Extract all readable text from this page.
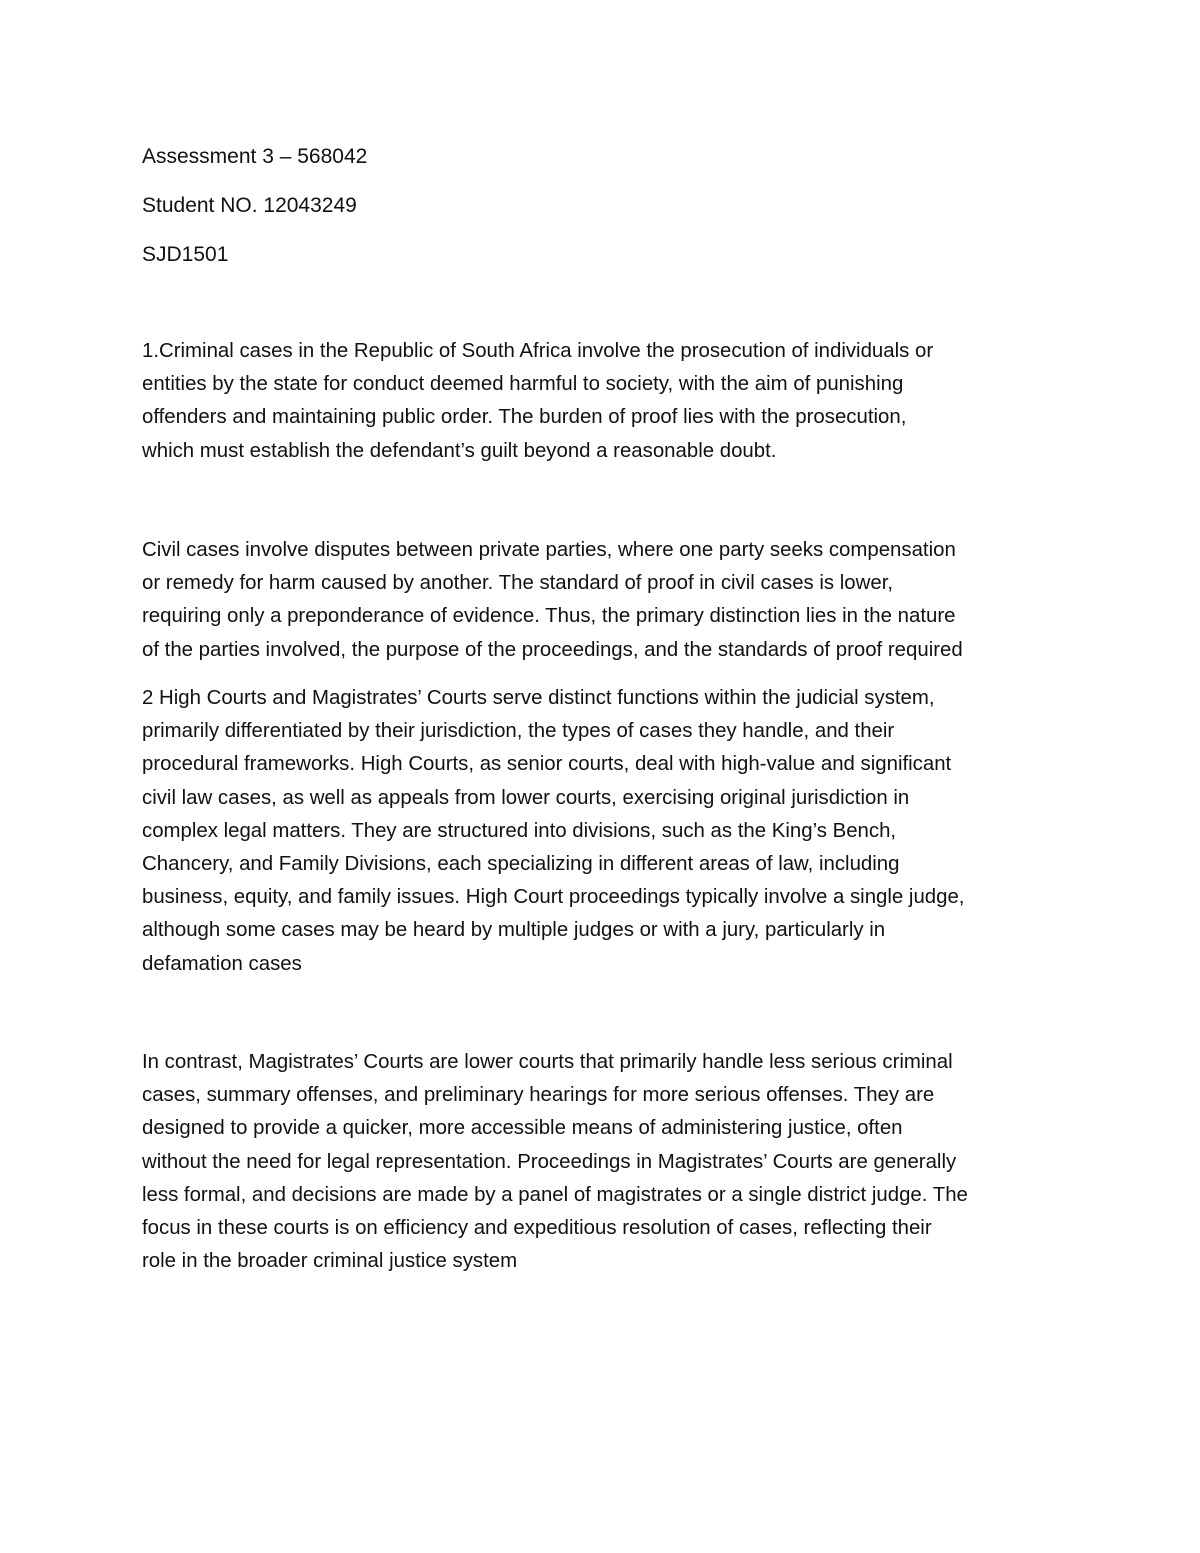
Assessment 3 – 568042
Student NO. 12043249
SJD1501
1.Criminal cases in the Republic of South Africa involve the prosecution of individuals or
entities by the state for conduct deemed harmful to society, with the aim of punishing
offenders and maintaining public order. The burden of proof lies with the prosecution,
which must establish the defendant’s guilt beyond a reasonable doubt.
Civil cases involve disputes between private parties, where one party seeks compensation
or remedy for harm caused by another. The standard of proof in civil cases is lower,
requiring only a preponderance of evidence. Thus, the primary distinction lies in the nature
of the parties involved, the purpose of the proceedings, and the standards of proof required
2 High Courts and Magistrates’ Courts serve distinct functions within the judicial system,
primarily differentiated by their jurisdiction, the types of cases they handle, and their
procedural frameworks. High Courts, as senior courts, deal with high-value and significant
civil law cases, as well as appeals from lower courts, exercising original jurisdiction in
complex legal matters. They are structured into divisions, such as the King’s Bench,
Chancery, and Family Divisions, each specializing in different areas of law, including
business, equity, and family issues. High Court proceedings typically involve a single judge,
although some cases may be heard by multiple judges or with a jury, particularly in
defamation cases
In contrast, Magistrates’ Courts are lower courts that primarily handle less serious criminal
cases, summary offenses, and preliminary hearings for more serious offenses. They are
designed to provide a quicker, more accessible means of administering justice, often
without the need for legal representation. Proceedings in Magistrates’ Courts are generally
less formal, and decisions are made by a panel of magistrates or a single district judge. The
focus in these courts is on efficiency and expeditious resolution of cases, reflecting their
role in the broader criminal justice system
